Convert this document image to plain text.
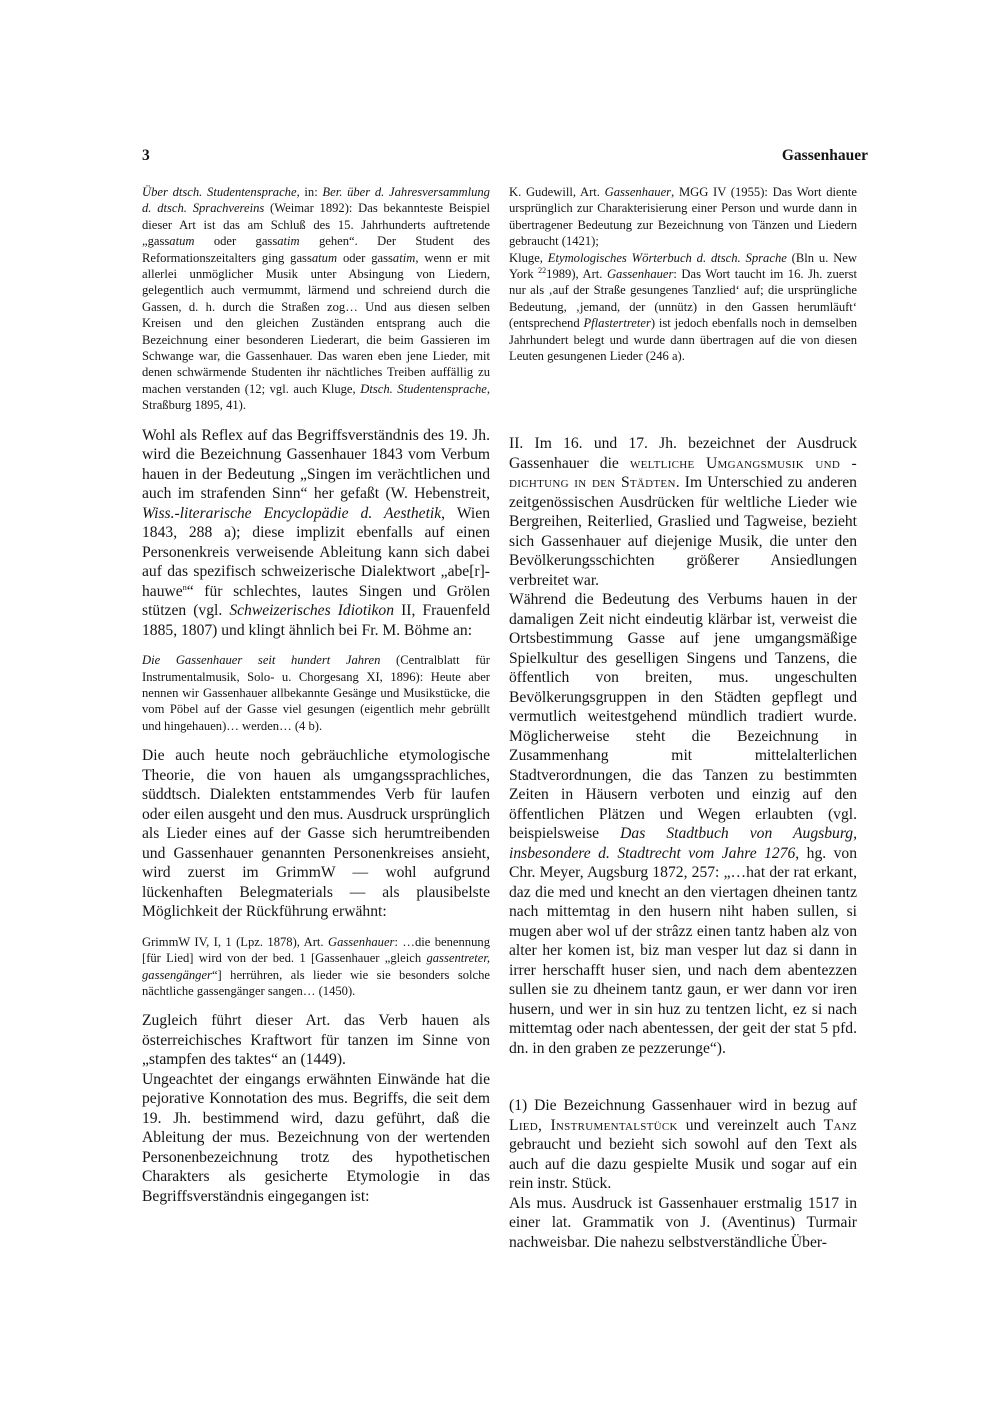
3	Gassenhauer

Über dtsch. Studentensprache, in: Ber. über d. Jahresversammlung d. dtsch. Sprachvereins (Weimar 1892): Das bekannteste Beispiel dieser Art ist das am Schluß des 15. Jahrhunderts auftretende „gassatum oder gassatim gehen“. Der Student des Reformationszeitalters ging gassatum oder gassatim, wenn er mit allerlei unmöglicher Musik unter Absingung von Liedern, gelegentlich auch vermummt, lärmend und schreiend durch die Gassen, d. h. durch die Straßen zog… Und aus diesen selben Kreisen und den gleichen Zuständen entsprang auch die Bezeichnung einer besonderen Liederart, die beim Gassieren im Schwange war, die Gassenhauer. Das waren eben jene Lieder, mit denen schwärmende Studenten ihr nächtliches Treiben auffällig zu machen verstanden (12; vgl. auch Kluge, Dtsch. Studentensprache, Straßburg 1895, 41).

Wohl als Reflex auf das Begriffsverständnis des 19. Jh. wird die Bezeichnung Gassenhauer 1843 vom Verbum hauen in der Bedeutung „Singen im verächtlichen und auch im strafenden Sinn“ her gefaßt (W. Hebenstreit, Wiss.-literarische Encyclopädie d. Aesthetik, Wien 1843, 288 a); diese implizit ebenfalls auf einen Personenkreis verweisende Ableitung kann sich dabei auf das spezifisch schweizerische Dialektwort „abe[r]-hauwe$^n$“ für schlechtes, lautes Singen und Grölen stützen (vgl. Schweizerisches Idiotikon II, Frauenfeld 1885, 1807) und klingt ähnlich bei Fr. M. Böhme an:

Die Gassenhauer seit hundert Jahren (Centralblatt für Instrumentalmusik, Solo- u. Chorgesang XI, 1896): Heute aber nennen wir Gassenhauer allbekannte Gesänge und Musikstücke, die vom Pöbel auf der Gasse viel gesungen (eigentlich mehr gebrüllt und hingehauen)… werden… (4 b).

Die auch heute noch gebräuchliche etymologische Theorie, die von hauen als umgangssprachliches, süddtsch. Dialekten entstammendes Verb für laufen oder eilen ausgeht und den mus. Ausdruck ursprünglich als Lieder eines auf der Gasse sich herumtreibenden und Gassenhauer genannten Personenkreises ansieht, wird zuerst im GrimmW — wohl aufgrund lückenhaften Belegmaterials — als plausibelste Möglichkeit der Rückführung erwähnt:

GrimmW IV, I, 1 (Lpz. 1878), Art. Gassenhauer: …die benennung [für Lied] wird von der bed. 1 [Gassenhauer „gleich gassentreter, gassengänger“] herrühren, als lieder wie sie besonders solche nächtliche gassengänger sangen… (1450).

Zugleich führt dieser Art. das Verb hauen als österreichisches Kraftwort für tanzen im Sinne von „stampfen des taktes“ an (1449).

Ungeachtet der eingangs erwähnten Einwände hat die pejorative Konnotation des mus. Begriffs, die seit dem 19. Jh. bestimmend wird, dazu geführt, daß die Ableitung der mus. Bezeichnung von der wertenden Personenbezeichnung trotz des hypothetischen Charakters als gesicherte Etymologie in das Begriffsverständnis eingegangen ist:

K. Gudewill, Art. Gassenhauer, MGG IV (1955): Das Wort diente ursprünglich zur Charakterisierung einer Person und wurde dann in übertragener Bedeutung zur Bezeichnung von Tänzen und Liedern gebraucht (1421);

Kluge, Etymologisches Wörterbuch d. dtsch. Sprache (Bln u. New York $^{22}$1989), Art. Gassenhauer: Das Wort taucht im 16. Jh. zuerst nur als ‚auf der Straße gesungenes Tanzlied‘ auf; die ursprüngliche Bedeutung, ‚jemand, der (unnütz) in den Gassen herumläuft‘ (entsprechend Pflastertreter) ist jedoch ebenfalls noch in demselben Jahrhundert belegt und wurde dann übertragen auf die von diesen Leuten gesungenen Lieder (246 a).

II. Im 16. und 17. Jh. bezeichnet der Ausdruck Gassenhauer die weltliche Umgangsmusik und -dichtung in den Städten. Im Unterschied zu anderen zeitgenössischen Ausdrücken für weltliche Lieder wie Bergreihen, Reiterlied, Graslied und Tagweise, bezieht sich Gassenhauer auf diejenige Musik, die unter den Bevölkerungsschichten größerer Ansiedlungen verbreitet war.

Während die Bedeutung des Verbums hauen in der damaligen Zeit nicht eindeutig klärbar ist, verweist die Ortsbestimmung Gasse auf jene umgangsmäßige Spielkultur des geselligen Singens und Tanzens, die öffentlich von breiten, mus. ungeschulten Bevölkerungsgruppen in den Städten gepflegt und vermutlich weitestgehend mündlich tradiert wurde. Möglicherweise steht die Bezeichnung in Zusammenhang mit mittelalterlichen Stadtverordnungen, die das Tanzen zu bestimmten Zeiten in Häusern verboten und einzig auf den öffentlichen Plätzen und Wegen erlaubten (vgl. beispielsweise Das Stadtbuch von Augsburg, insbesondere d. Stadtrecht vom Jahre 1276, hg. von Chr. Meyer, Augsburg 1872, 257: „…hat der rat erkant, daz die med und knecht an den viertagen dheinen tantz nach mittemtag in den husern niht haben sullen, si mugen aber wol uf der strâzz einen tantz haben alz von alter her komen ist, biz man vesper lut daz si dann in irrer herschafft huser sien, und nach dem abentezzen sullen sie zu dheinem tantz gaun, er wer dann vor iren husern, und wer in sin huz zu tentzen licht, ez si nach mittemtag oder nach abentessen, der geit der stat 5 pfd. dn. in den graben ze pezzerunge“).

(1) Die Bezeichnung Gassenhauer wird in bezug auf Lied, Instrumentalstück und vereinzelt auch Tanz gebraucht und bezieht sich sowohl auf den Text als auch auf die dazu gespielte Musik und sogar auf ein rein instr. Stück.

Als mus. Ausdruck ist Gassenhauer erstmalig 1517 in einer lat. Grammatik von J. (Aventinus) Turmair nachweisbar. Die nahezu selbstverständliche Über-
